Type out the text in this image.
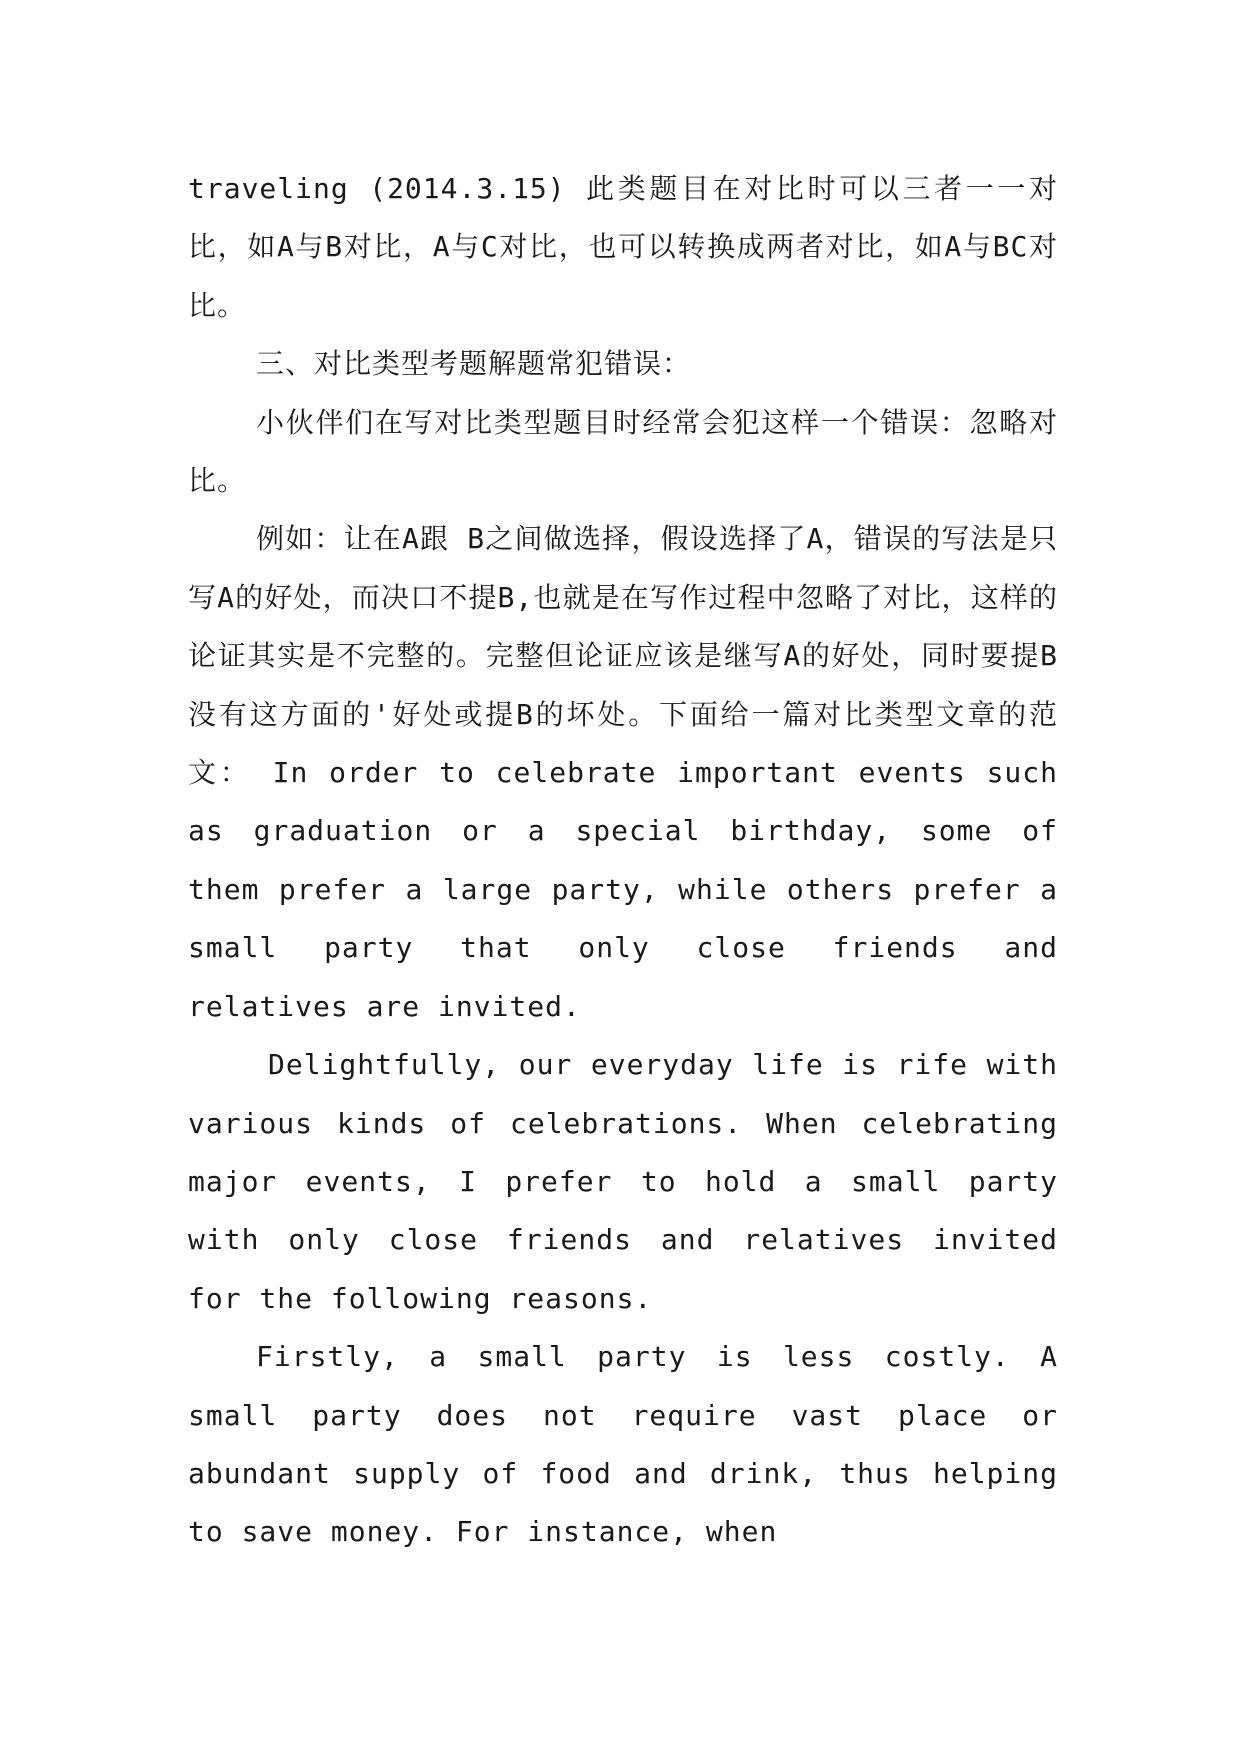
traveling (2014.3.15) 此类题目在对比时可以三者一一对比，如A与B对比，A与C对比，也可以转换成两者对比，如A与BC对比。

三、对比类型考题解题常犯错误：

小伙伴们在写对比类型题目时经常会犯这样一个错误：忽略对比。

例如：让在A跟 B之间做选择，假设选择了A，错误的写法是只写A的好处，而决口不提B,也就是在写作过程中忽略了对比，这样的论证其实是不完整的。完整但论证应该是继写A的好处，同时要提B没有这方面的'好处或提B的坏处。下面给一篇对比类型文章的范文： In order to celebrate important events such as graduation or a special birthday, some of them prefer a large party, while others prefer a small party that only close friends and relatives are invited.

Delightfully, our everyday life is rife with various kinds of celebrations. When celebrating major events, I prefer to hold a small party with only close friends and relatives invited for the following reasons.

Firstly, a small party is less costly. A small party does not require vast place or abundant supply of food and drink, thus helping to save money. For instance, when
